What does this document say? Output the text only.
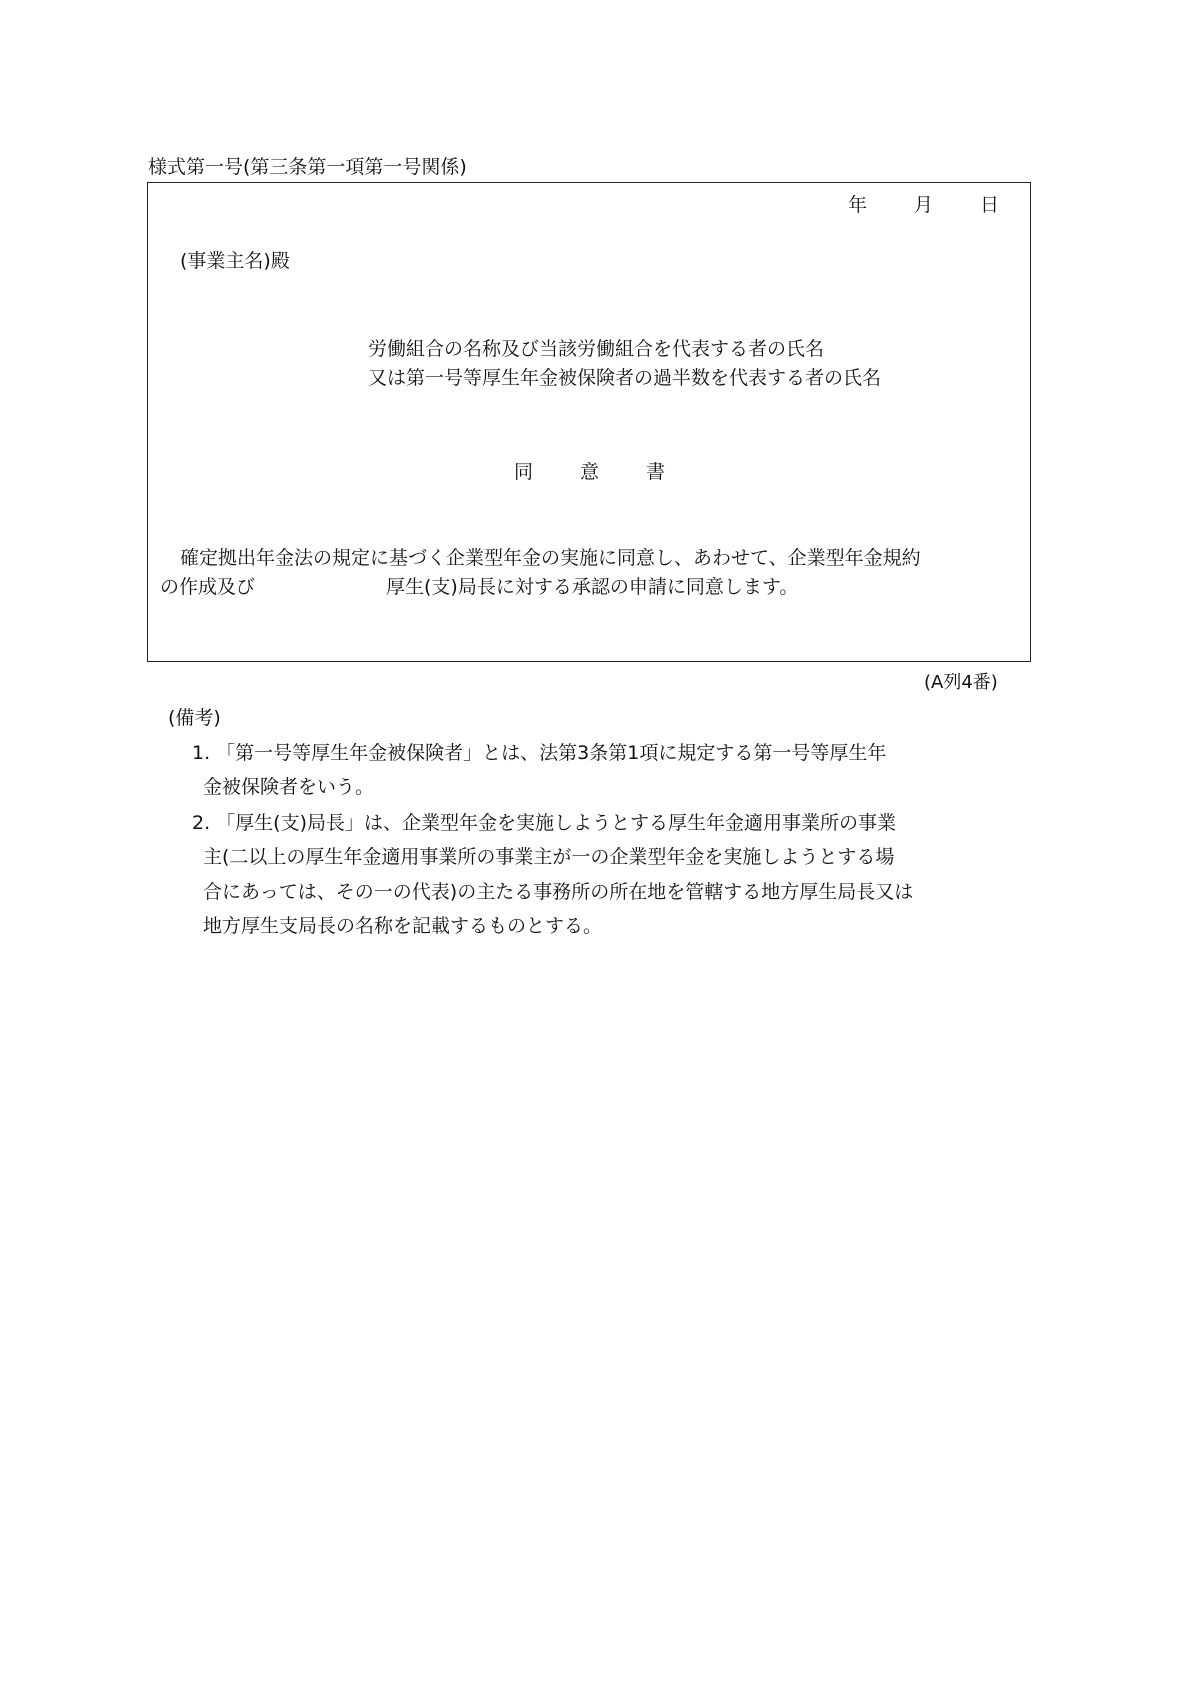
様式第一号(第三条第一項第一号関係)
年 月 日
(事業主名)殿
労働組合の名称及び当該労働組合を代表する者の氏名
又は第一号等厚生年金被保険者の過半数を代表する者の氏名
同 意 書
確定拠出年金法の規定に基づく企業型年金の実施に同意し、あわせて、企業型年金規約
の作成及び	厚生(支)局長に対する承認の申請に同意します。
(A列4番)
(備考)
1. 「第一号等厚生年金被保険者」とは、法第3条第1項に規定する第一号等厚生年
金被保険者をいう。
2. 「厚生(支)局長」は、企業型年金を実施しようとする厚生年金適用事業所の事業
主(二以上の厚生年金適用事業所の事業主が一の企業型年金を実施しようとする場
合にあっては、その一の代表)の主たる事務所の所在地を管轄する地方厚生局長又は
地方厚生支局長の名称を記載するものとする。
